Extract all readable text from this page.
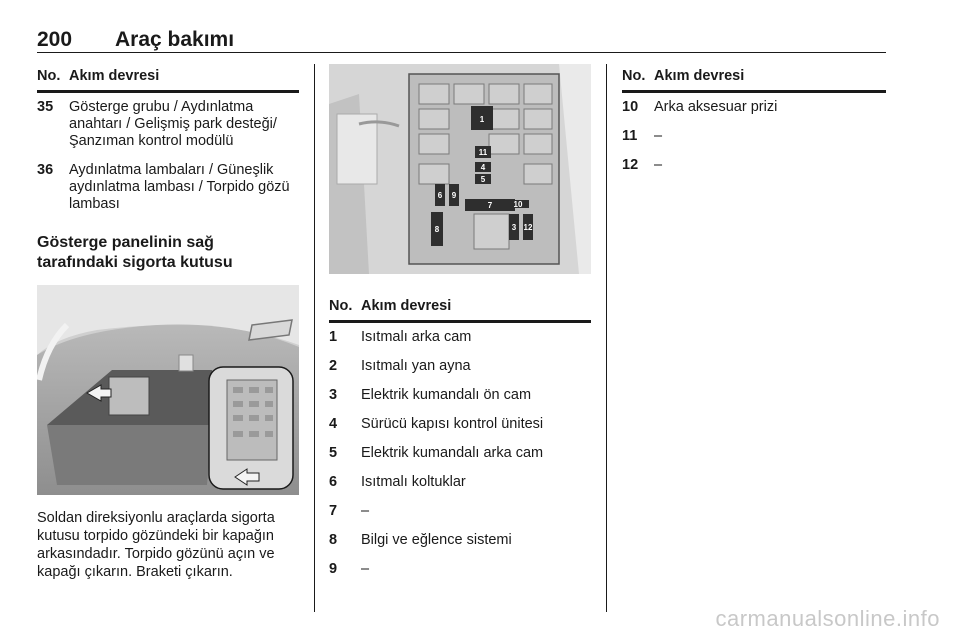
200 Araç bakımı
No.	Akım devresi
35	Gösterge grubu / Aydınlatma anahtarı / Gelişmiş park desteği/ Şanzıman kontrol modülü
36	Aydınlatma lambaları / Güneşlik aydınlatma lambası / Torpido gözü lambası
Gösterge panelinin sağ tarafındaki sigorta kutusu
Soldan direksiyonlu araçlarda sigorta kutusu torpido gözündeki bir kapağın arkasındadır. Torpido gözünü açın ve kapağı çıkarın. Braketi çıkarın.
1
11
4
5
6
7
8
9
10
3 12
No.	Akım devresi
1	Isıtmalı arka cam
2	Isıtmalı yan ayna
3	Elektrik kumandalı ön cam
4	Sürücü kapısı kontrol ünitesi
5	Elektrik kumandalı arka cam
6	Isıtmalı koltuklar
7	–
8	Bilgi ve eğlence sistemi
9	–
No.	Akım devresi
10	Arka aksesuar prizi
11	–
12	–
carmanualsonline.info
